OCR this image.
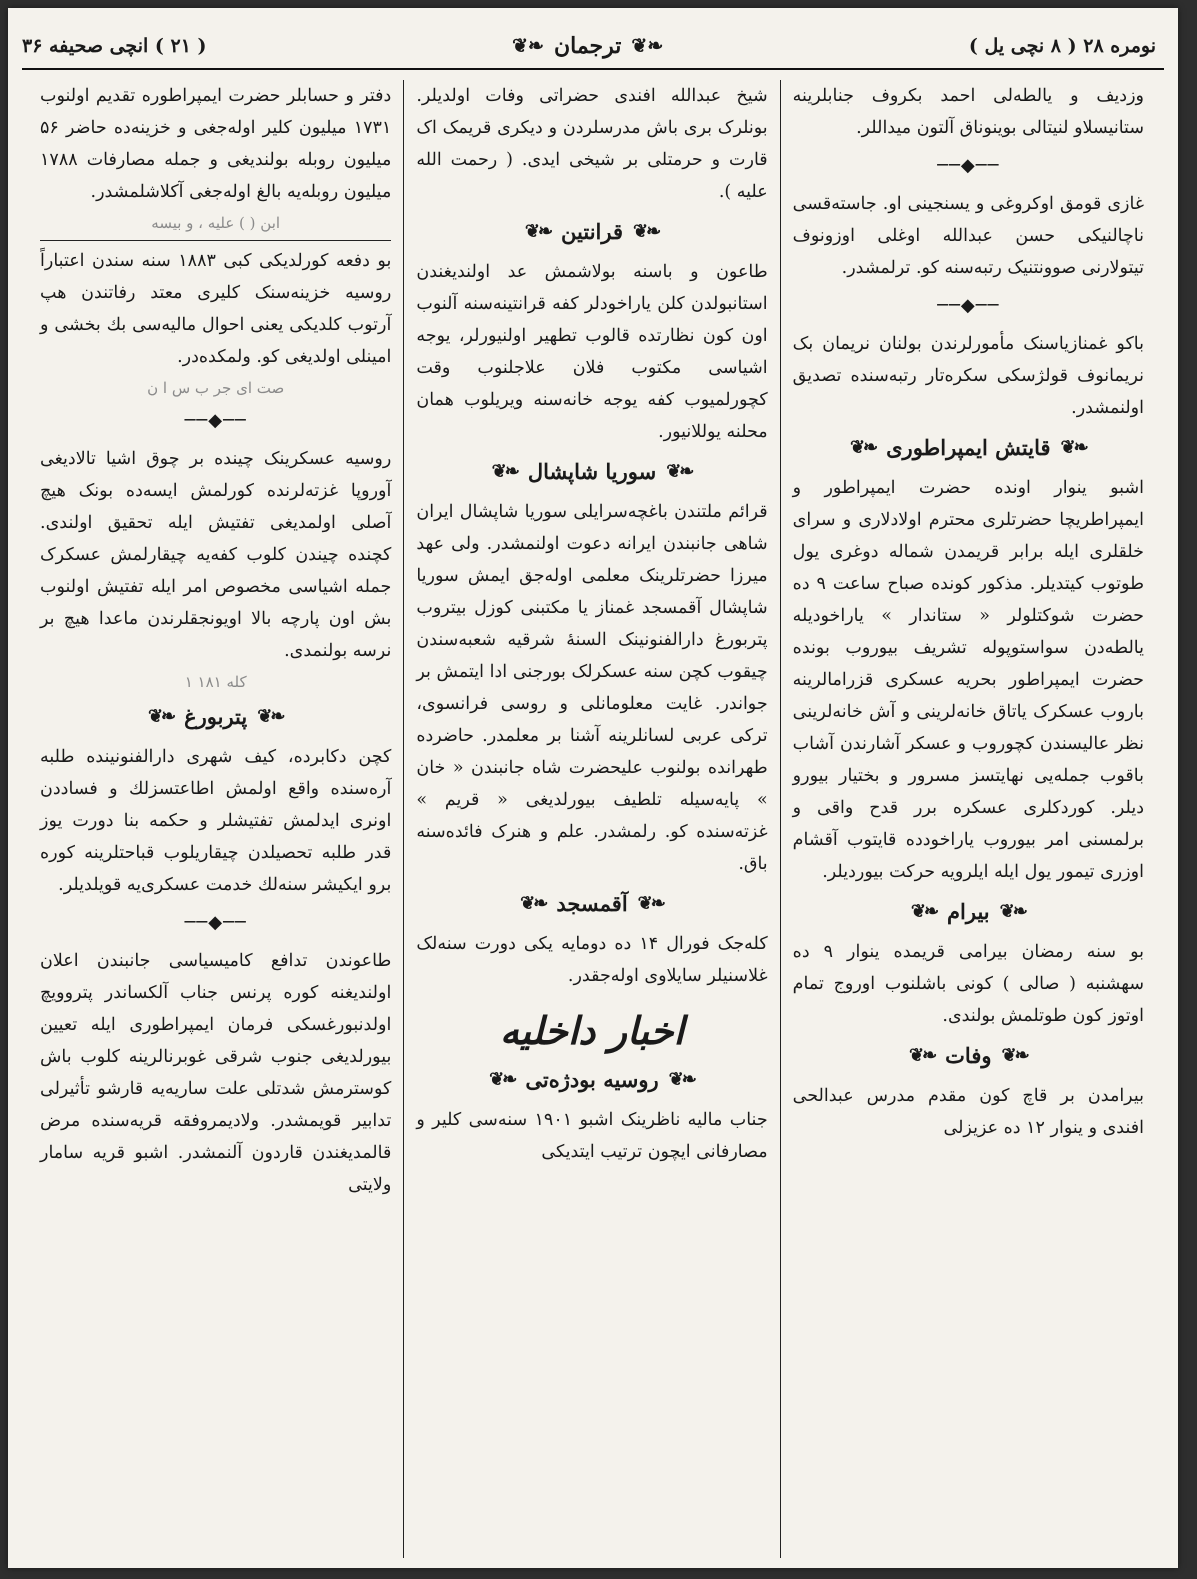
نومره ۲۸ ( ۸ نچی یل )
❧❦
ترجمان
❧❦
( ۲۱ ) انچی صحیفه ۳۶

وزدیف و یالطه‌لی احمد بکروف جنابلرینه ستانیسلاو لنیتالی بوینوناق آلتون میداللر.

──◆──

غازی قومق اوکروغی و یسنجینی او. جاسته‌قسی ناچالنیکی حسن عبدالله اوغلی اوزونوف تیتولارنی صوونتنیک رتبه‌سنه کو. ترلمشدر.

──◆──

باکو غمنازیاسنک مأمورلرندن بولنان نریمان بک نریمانوف قولژسکی سکره‌تار رتبه‌سنده تصدیق اولنمشدر.

❧❦
قایتش ایمپراطوری
❧❦

اشبو ینوار اونده حضرت ایمپراطور و ایمپراطریچا حضرتلری محترم اولادلاری و سرای خلقلری ایله برابر قریمدن شماله دوغری یول طوتوب کیتدیلر. مذکور کونده صباح ساعت ۹ ده حضرت شوکتلولر « ستاندار » یاراخودیله یالطه‌دن سواستوپوله تشریف بیوروب بونده حضرت ایمپراطور بحریه عسکری قزرامالرینه باروب عسکرک یاتاق خانه‌لرینی و آش خانه‌لرینی نظر عالیسندن کچوروب و عسکر آشارندن آشاب باقوب جمله‌یی نهایتسز مسرور و بختیار بیورو دیلر. کوردکلری عسکره برر قدح واقی و برلمسنی امر بیوروب یاراخودده قایتوب آقشام اوزری تیمور یول ایله ایلرویه حرکت بیوردیلر.

❧❦
بیرام
❧❦

بو سنه رمضان بیرامی قریمده ینوار ۹ ده سهشنبه ( صالی ) کونی باشلنوب اوروج تمام اوتوز کون طوتلمش بولندی.

❧❦
وفات
❧❦

بیرامدن بر قاچ کون مقدم مدرس عبدالحی افندی و ینوار ۱۲ ده عزیزلی

شیخ عبدالله افندی حضراتی وفات اولدیلر. بونلرک بری باش مدرسلردن و دیکری قریمک اک قارت و حرمتلی بر شیخی ایدی. ( رحمت الله علیه ).

❧❦
قرانتین
❧❦

طاعون و باسنه بولاشمش عد اولندیغندن استانبولدن کلن یاراخودلر کفه قرانتینه‌سنه آلنوب اون کون نظارتده قالوب تطهیر اولنیورلر، یوجه اشیاسی مکتوب فلان علاجلنوب وقت کچورلمیوب کفه یوجه خانه‌سنه ویریلوب همان محلنه یوللانیور.

❧❦
سوریا شاپشال
❧❦

قرائم ملتندن باغچه‌سرایلی سوریا شاپشال ایران شاهی جانبندن ایرانه دعوت اولنمشدر. ولی عهد میرزا حضرتلرینک معلمی اوله‌جق ایمش سوریا شاپشال آقمسجد غمناز یا مکتبنی کوزل بیتروب پتربورغ دارالفنونینک السنهٔ شرقیه شعبه‌سندن چیقوب کچن سنه عسکرلک بورجنی ادا ایتمش بر جواندر. غایت معلومانلی و روسی فرانسوی، ترکی عربی لسانلرینه آشنا بر معلمدر. حاضرده طهرانده بولنوب علیحضرت شاه جانبندن « خان » پایه‌سیله تلطیف بیورلدیغی « قریم » غزته‌سنده کو. رلمشدر. علم و هنرک فائده‌سنه باق.

❧❦
آقمسجد
❧❦

کله‌جک فورال ۱۴ ده دومایه یکی دورت سنه‌لک غلاسنیلر سایلاوی اوله‌جقدر.

اخبار داخلیه
❧❦
روسیه بودژه‌تی
❧❦

جناب مالیه ناظرینک اشبو ۱۹۰۱ سنه‌سی کلیر و مصارفانی ایچون ترتیب ایتدیکی

دفتر و حسابلر حضرت ایمپراطوره تقدیم اولنوب ۱۷۳۱ میلیون کلیر اوله‌جغی و خزینه‌ده حاضر ۵۶ میلیون روبله بولندیغی و جمله مصارفات ۱۷۸۸ میلیون روبله‌یه بالغ اوله‌جغی آکلاشلمشدر.

ابن ( ) علیه ، و بیسه

بو دفعه کورلدیکی کبی ۱۸۸۳ سنه سندن اعتباراً روسیه خزینه‌سنک کلیری معتد رفاتندن هپ آرتوب کلدیکی یعنی احوال مالیه‌سی بك بخشی و امینلی اولدیغی کو. ولمکده‌در.

صت ای جر ب س ا ن
──◆──

روسیه عسکرینک چینده بر چوق اشیا تالادیغی آوروپا غزته‌لرنده کورلمش ایسه‌ده بونک هیچ آصلی اولمدیغی تفتیش ایله تحقیق اولندی. کچنده چیندن کلوب کفه‌یه چیقارلمش عسکرک جمله اشیاسی مخصوص امر ایله تفتیش اولنوب بش اون پارچه بالا اویونجقلرندن ماعدا هیچ بر نرسه بولنمدی.

کله ۱۸۱ ۱
❧❦
پتربورغ
❧❦

کچن دکابرده، کیف شهری دارالفنونینده طلبه آره‌سنده واقع اولمش اطاعتسزلك و فساددن اونری ایدلمش تفتیشلر و حکمه بنا دورت یوز قدر طلبه تحصیلدن چیقاریلوب قباحتلرینه کوره برو ایکیشر سنه‌لك خدمت عسکری‌یه قویلدیلر.

──◆──

طاعوندن تدافع کامیسیاسی جانبندن اعلان اولندیغنه کوره پرنس جناب آلکساندر پتروویچ اولدنبورغسکی فرمان ایمپراطوری ایله تعیین بیورلدیغی جنوب شرقی غوبرنالرینه کلوب باش کوسترمش شدتلی علت ساریه‌یه قارشو تأثیرلی تدابیر قویمشدر. ولادیمروفقه قریه‌سنده مرض قالمدیغندن قاردون آلنمشدر. اشبو قریه سامار ولایتی
